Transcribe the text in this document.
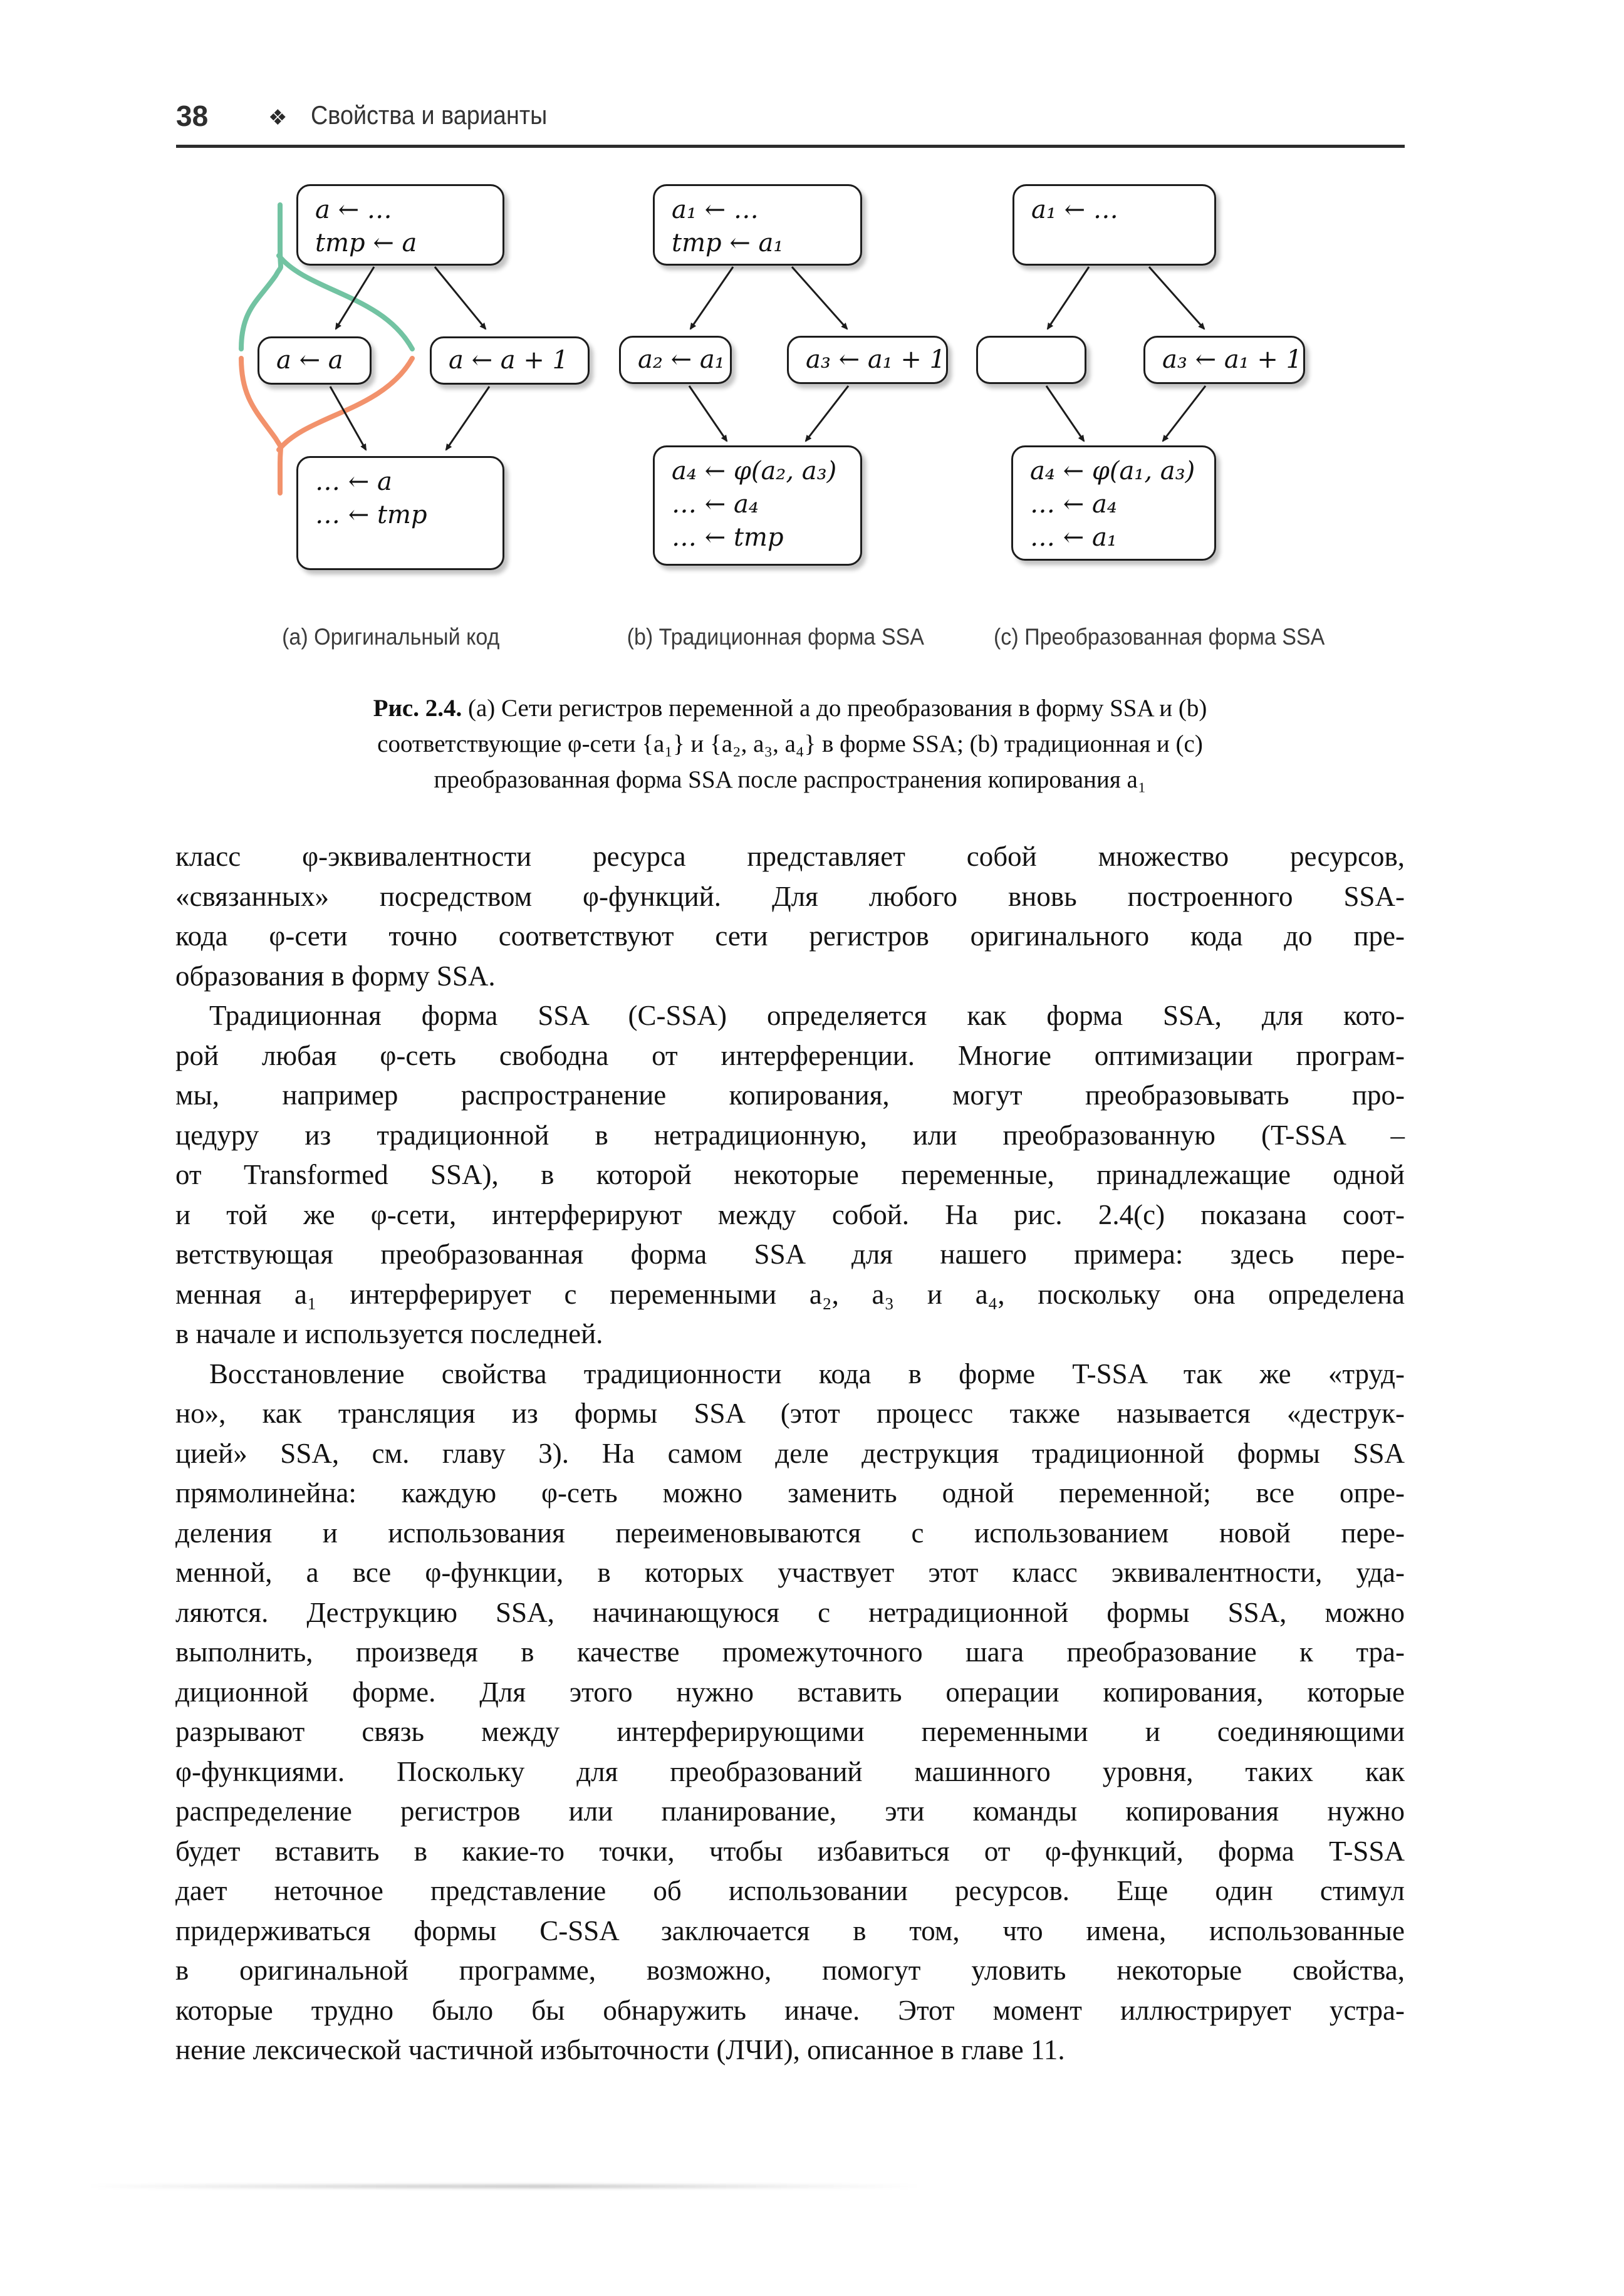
38	❖ Свойства и варианты
a ← …
tmp ← a
a ← a	a ← a + 1
… ← a
… ← tmp
a₁ ← …
tmp ← a₁
a₂ ← a₁	a₃ ← a₁ + 1
a₄ ← φ(a₂, a₃)
… ← a₄
… ← tmp
a₁ ← …
a₃ ← a₁ + 1
a₄ ← φ(a₁, a₃)
… ← a₄
… ← a₁
(a) Оригинальный код	(b) Традиционная форма SSA	(c) Преобразованная форма SSA
Рис. 2.4. (a) Сети регистров переменной a до преобразования в форму SSA и (b)
соответствующие φ-сети {a₁} и {a₂, a₃, a₄} в форме SSA; (b) традиционная и (c)
преобразованная форма SSA после распространения копирования a₁

класс φ-эквивалентности ресурса представляет собой множество ресурсов,
«связанных» посредством φ-функций. Для любого вновь построенного SSA-
кода φ-сети точно соответствуют сети регистров оригинального кода до пре-
образования в форму SSA.

Традиционная форма SSA (C-SSA) определяется как форма SSA, для кото-
рой любая φ-сеть свободна от интерференции. Многие оптимизации програм-
мы, например распространение копирования, могут преобразовывать про-
цедуру из традиционной в нетрадиционную, или преобразованную (T-SSA –
от Transformed SSA), в которой некоторые переменные, принадлежащие одной
и той же φ-сети, интерферируют между собой. На рис. 2.4(c) показана соот-
ветствующая преобразованная форма SSA для нашего примера: здесь пере-
менная a₁ интерферирует с переменными a₂, a₃ и a₄, поскольку она определена
в начале и используется последней.

Восстановление свойства традиционности кода в форме T-SSA так же «труд-
но», как трансляция из формы SSA (этот процесс также называется «деструк-
цией» SSA, см. главу 3). На самом деле деструкция традиционной формы SSA
прямолинейна: каждую φ-сеть можно заменить одной переменной; все опре-
деления и использования переименовываются с использованием новой пере-
менной, а все φ-функции, в которых участвует этот класс эквивалентности, уда-
ляются. Деструкцию SSA, начинающуюся с нетрадиционной формы SSA, можно
выполнить, произведя в качестве промежуточного шага преобразование к тра-
диционной форме. Для этого нужно вставить операции копирования, которые
разрывают связь между интерферирующими переменными и соединяющими
φ-функциями. Поскольку для преобразований машинного уровня, таких как
распределение регистров или планирование, эти команды копирования нужно
будет вставить в какие-то точки, чтобы избавиться от φ-функций, форма T-SSA
дает неточное представление об использовании ресурсов. Еще один стимул
придерживаться формы C-SSA заключается в том, что имена, использованные
в оригинальной программе, возможно, помогут уловить некоторые свойства,
которые трудно было бы обнаружить иначе. Этот момент иллюстрирует устра-
нение лексической частичной избыточности (ЛЧИ), описанное в главе 11.
